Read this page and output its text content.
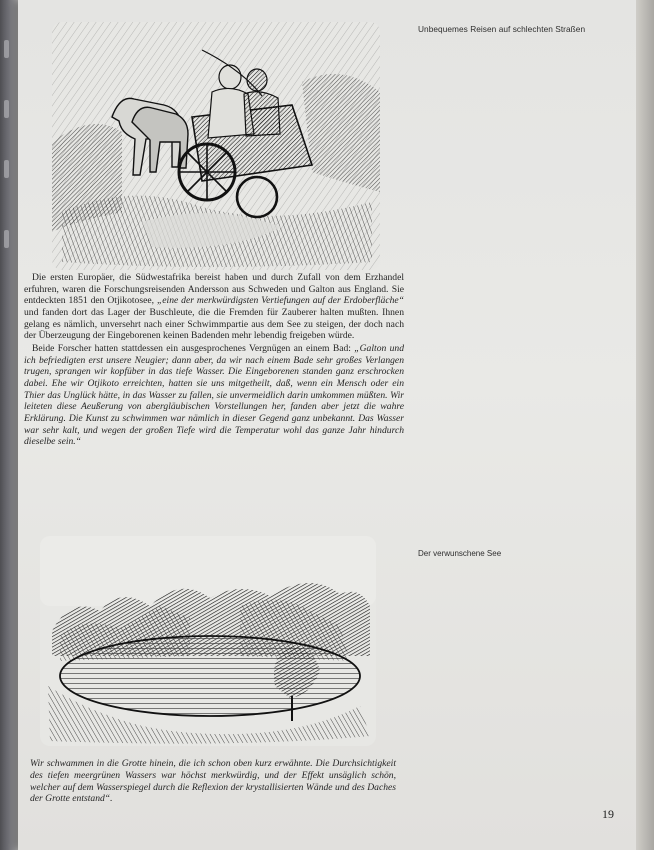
Unbequemes Reisen auf schlechten Straßen

Die ersten Europäer, die Südwestafrika bereist haben und durch Zufall von dem Erzhandel erfuhren, waren die Forschungsreisenden Andersson aus Schweden und Galton aus England. Sie entdeckten 1851 den Otjikotosee, „eine der merkwürdigsten Vertiefungen auf der Erdoberfläche“ und fanden dort das Lager der Buschleute, die die Fremden für Zauberer halten mußten. Ihnen gelang es nämlich, unversehrt nach einer Schwimmpartie aus dem See zu steigen, der doch nach der Überzeugung der Eingeborenen keinen Badenden mehr lebendig freigeben würde.

Beide Forscher hatten stattdessen ein ausgesprochenes Vergnügen an einem Bad: „Galton und ich befriedigten erst unsere Neugier; dann aber, da wir nach einem Bade sehr großes Verlangen trugen, sprangen wir kopfüber in das tiefe Wasser. Die Eingeborenen standen ganz erschrocken dabei. Ehe wir Otjikoto erreichten, hatten sie uns mitgetheilt, daß, wenn ein Mensch oder ein Thier das Unglück hätte, in das Wasser zu fallen, sie unvermeidlich darin umkommen müßten. Wir leiteten diese Aeußerung von abergläubischen Vorstellungen her, fanden aber jetzt die wahre Erklärung. Die Kunst zu schwimmen war nämlich in dieser Gegend ganz unbekannt. Das Wasser war sehr kalt, und wegen der großen Tiefe wird die Temperatur wohl das ganze Jahr hindurch dieselbe sein.“

Der verwunschene See
Wir schwammen in die Grotte hinein, die ich schon oben kurz erwähnte. Die Durchsichtigkeit des tiefen meergrünen Wassers war höchst merkwürdig, und der Effekt unsäglich schön, welcher auf dem Wasserspiegel durch die Reflexion der krystallisierten Wände und des Daches der Grotte entstand“.
19
